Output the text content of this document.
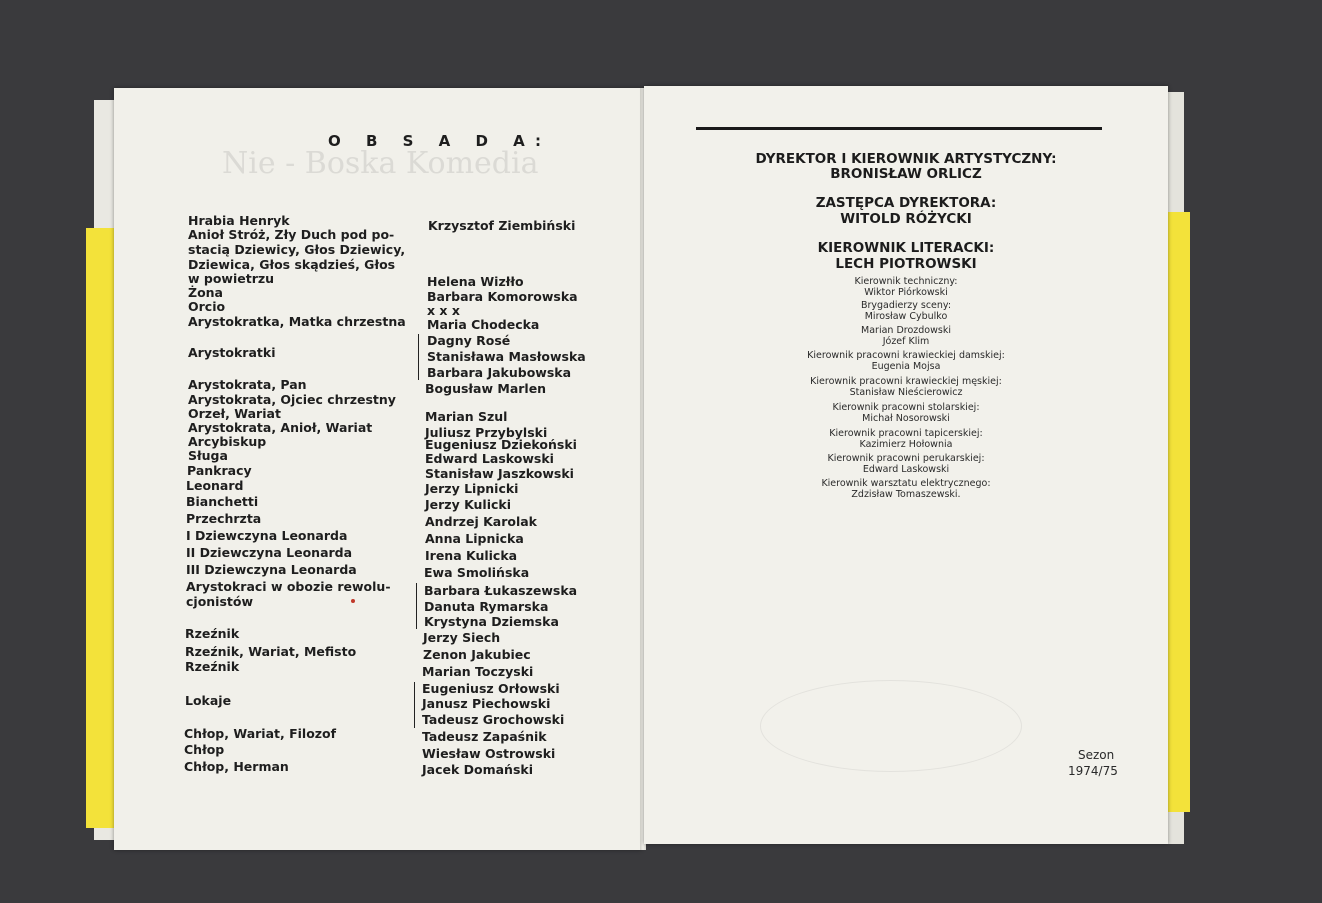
Nie - Boska Komedia
O B S A D A:
Hrabia Henryk
Anioł Stróż, Zły Duch pod po-
stacią Dziewicy, Głos Dziewicy,
Dziewica, Głos skądzieś, Głos
w powietrzu
Żona
Orcio
Arystokratka, Matka chrzestna
Arystokratki
Arystokrata, Pan
Arystokrata, Ojciec chrzestny
Orzeł, Wariat
Arystokrata, Anioł, Wariat
Arcybiskup
Sługa
Pankracy
Leonard
Bianchetti
Przechrzta
I Dziewczyna Leonarda
II Dziewczyna Leonarda
III Dziewczyna Leonarda
Arystokraci w obozie rewolu-
cjonistów
Rzeźnik
Rzeźnik, Wariat, Mefisto
Rzeźnik
Lokaje
Chłop, Wariat, Filozof
Chłop
Chłop, Herman
Krzysztof Ziembiński
Helena Wizłło
Barbara Komorowska
x x x
Maria Chodecka
Dagny Rosé
Stanisława Masłowska
Barbara Jakubowska
Bogusław Marlen
Marian Szul
Juliusz Przybylski
Eugeniusz Dziekoński
Edward Laskowski
Stanisław Jaszkowski
Jerzy Lipnicki
Jerzy Kulicki
Andrzej Karolak
Anna Lipnicka
Irena Kulicka
Ewa Smolińska
Barbara Łukaszewska
Danuta Rymarska
Krystyna Dziemska
Jerzy Siech
Zenon Jakubiec
Marian Toczyski
Eugeniusz Orłowski
Janusz Piechowski
Tadeusz Grochowski
Tadeusz Zapaśnik
Wiesław Ostrowski
Jacek Domański
DYREKTOR I KIEROWNIK ARTYSTYCZNY:
BRONISŁAW ORLICZ
ZASTĘPCA DYREKTORA:
WITOLD RÓŻYCKI
KIEROWNIK LITERACKI:
LECH PIOTROWSKI
Kierownik techniczny:
Wiktor Piórkowski
Brygadierzy sceny:
Mirosław Cybulko
Marian Drozdowski
Józef Klim
Kierownik pracowni krawieckiej damskiej:
Eugenia Mojsa
Kierownik pracowni krawieckiej męskiej:
Stanisław Nieścierowicz
Kierownik pracowni stolarskiej:
Michał Nosorowski
Kierownik pracowni tapicerskiej:
Kazimierz Hołownia
Kierownik pracowni perukarskiej:
Edward Laskowski
Kierownik warsztatu elektrycznego:
Zdzisław Tomaszewski.
Sezon
1974/75
